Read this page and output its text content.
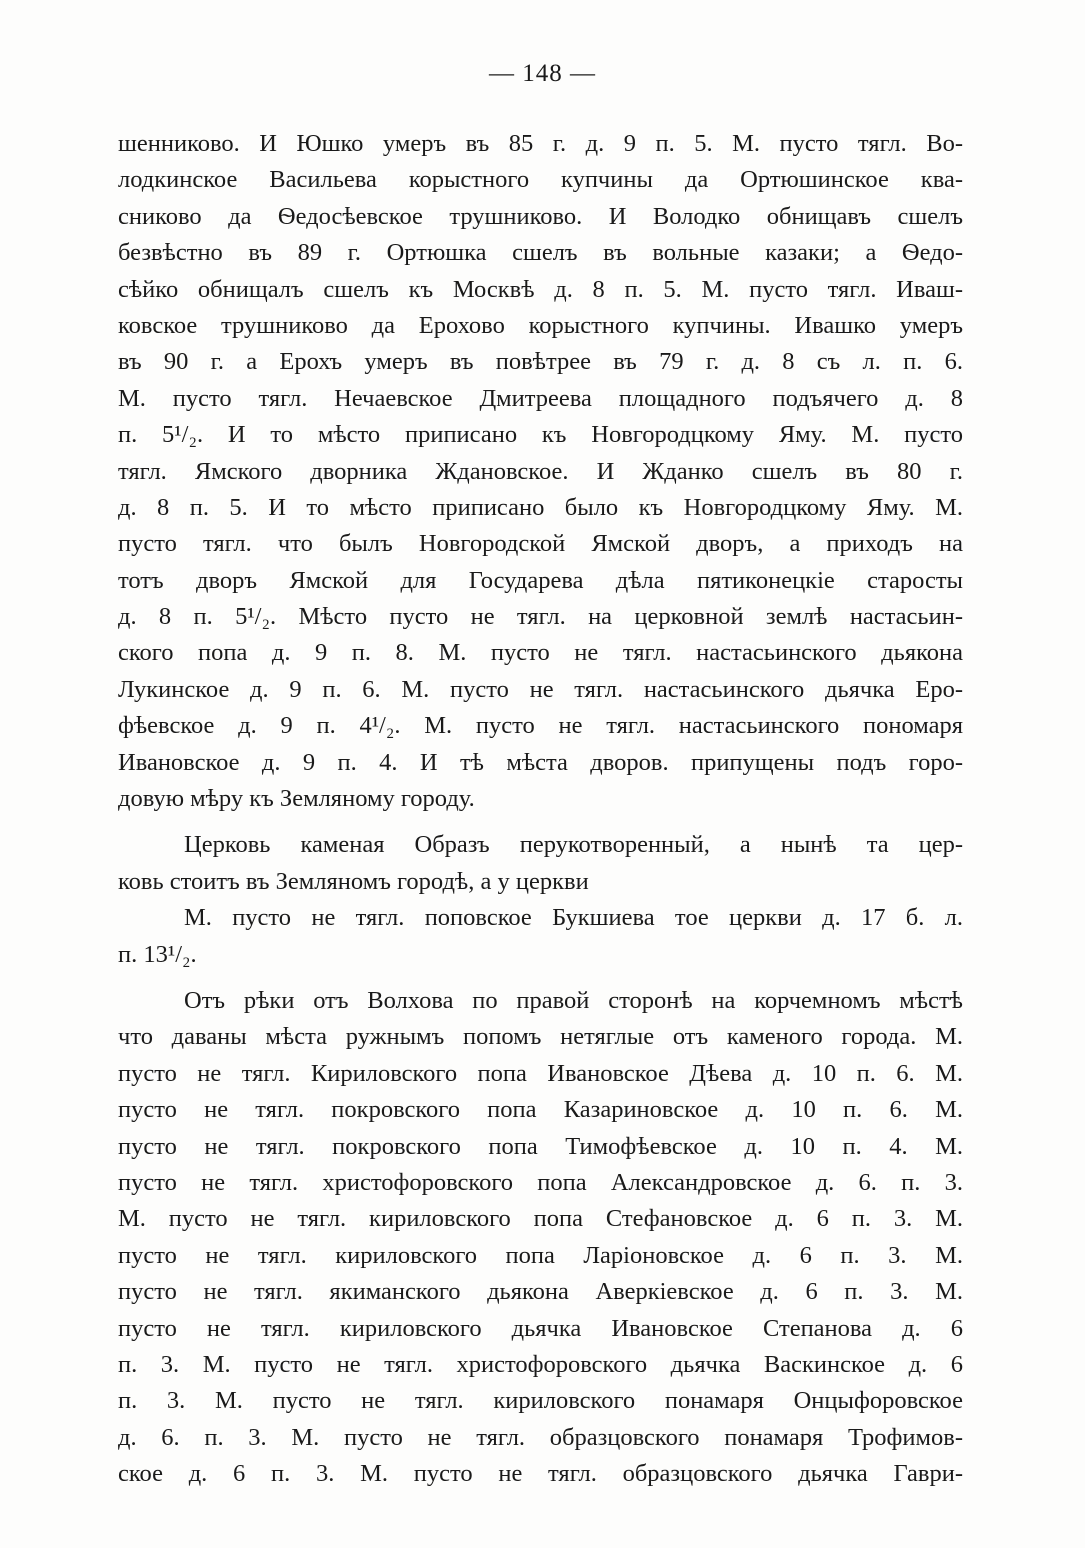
— 148 —
шенниково. И Юшко умеръ въ 85 г. д. 9 п. 5. М. пусто тягл. Во-
лодкинское Васильева корыстного купчины да Ортюшинское ква-
сниково да Ѳедосѣевское трушниково. И Володко обнищавъ сшелъ
безвѣстно въ 89 г. Ортюшка сшелъ въ вольные казаки; а Ѳедо-
сѣйко обнищалъ сшелъ къ Москвѣ д. 8 п. 5. М. пусто тягл. Иваш-
ковское трушниково да Ерохово корыстного купчины. Ивашко умеръ
въ 90 г. а Ерохъ умеръ въ повѣтрее въ 79 г. д. 8 съ л. п. 6.
М. пусто тягл. Нечаевское Дмитреева площадного подъячего д. 8
п. 5¹/₂. И то мѣсто приписано къ Новгородцкому Яму. М. пусто
тягл. Ямского дворника Ждановское. И Жданко сшелъ въ 80 г.
д. 8 п. 5. И то мѣсто приписано было къ Новгородцкому Яму. М.
пусто тягл. что былъ Новгородской Ямской дворъ, а приходъ на
тотъ дворъ Ямской для Государева дѣла пятиконецкіе старосты
д. 8 п. 5¹/₂. Мѣсто пусто не тягл. на церковной землѣ настасьин-
ского попа д. 9 п. 8. М. пусто не тягл. настасьинского дьякона
Лукинское д. 9 п. 6. М. пусто не тягл. настасьинского дьячка Еро-
фѣевское д. 9 п. 4¹/₂. М. пусто не тягл. настасьинского пономаря
Ивановское д. 9 п. 4. И тѣ мѣста дворов. припущены подъ горо-
довую мѣру къ Земляному городу.
Церковь каменая Образъ перукотворенный, а нынѣ та цер-
ковь стоитъ въ Земляномъ городѣ, а у церкви
М. пусто не тягл. поповское Букшиева тое церкви д. 17 б. л.
п. 13¹/₂.
Отъ рѣки отъ Волхова по правой сторонѣ на корчемномъ мѣстѣ
что даваны мѣста ружнымъ попомъ нетяглые отъ каменого города. М.
пусто не тягл. Кириловского попа Ивановское Дѣева д. 10 п. 6. М.
пусто не тягл. покровского попа Казариновское д. 10 п. 6. М.
пусто не тягл. покровского попа Тимофѣевское д. 10 п. 4. М.
пусто не тягл. христофоровского попа Александровское д. 6. п. 3.
М. пусто не тягл. кириловского попа Стефановское д. 6 п. 3. М.
пусто не тягл. кириловского попа Ларіоновское д. 6 п. 3. М.
пусто не тягл. якиманского дьякона Аверкіевское д. 6 п. 3. М.
пусто не тягл. кириловского дьячка Ивановское Степанова д. 6
п. 3. М. пусто не тягл. христофоровского дьячка Васкинское д. 6
п. 3. М. пусто не тягл. кириловского понамаря Онцыфоровское
д. 6. п. 3. М. пусто не тягл. образцовского понамаря Трофимов-
ское д. 6 п. 3. М. пусто не тягл. образцовского дьячка Гаври-
